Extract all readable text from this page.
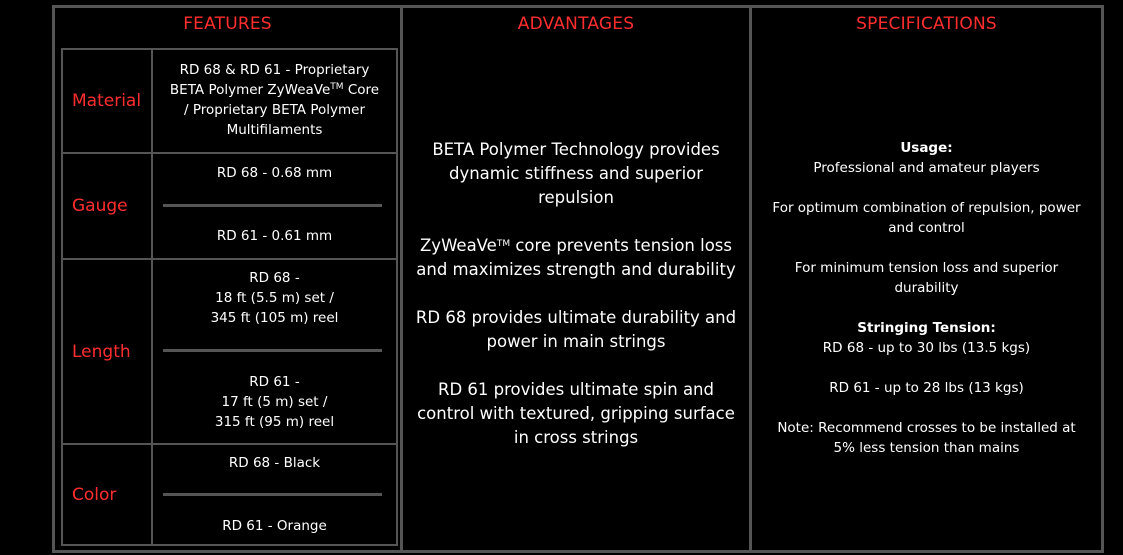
FEATURES
Material
RD 68 & RD 61 - Proprietary
BETA Polymer ZyWeaVe™ Core
/ Proprietary BETA Polymer
Multifilaments
Gauge
RD 68 - 0.68 mm
RD 61 - 0.61 mm
Length
RD 68 -
18 ft (5.5 m) set /
345 ft (105 m) reel
RD 61 -
17 ft (5 m) set /
315 ft (95 m) reel
Color
RD 68 - Black
RD 61 - Orange
ADVANTAGES

BETA Polymer Technology provides
dynamic stiffness and superior
repulsion

ZyWeaVe™ core prevents tension loss
and maximizes strength and durability

RD 68 provides ultimate durability and
power in main strings

RD 61 provides ultimate spin and
control with textured, gripping surface
in cross strings

SPECIFICATIONS

Usage:
Professional and amateur players

For optimum combination of repulsion, power
and control

For minimum tension loss and superior
durability

Stringing Tension:
RD 68 - up to 30 lbs (13.5 kgs)

RD 61 - up to 28 lbs (13 kgs)

Note: Recommend crosses to be installed at
5% less tension than mains
